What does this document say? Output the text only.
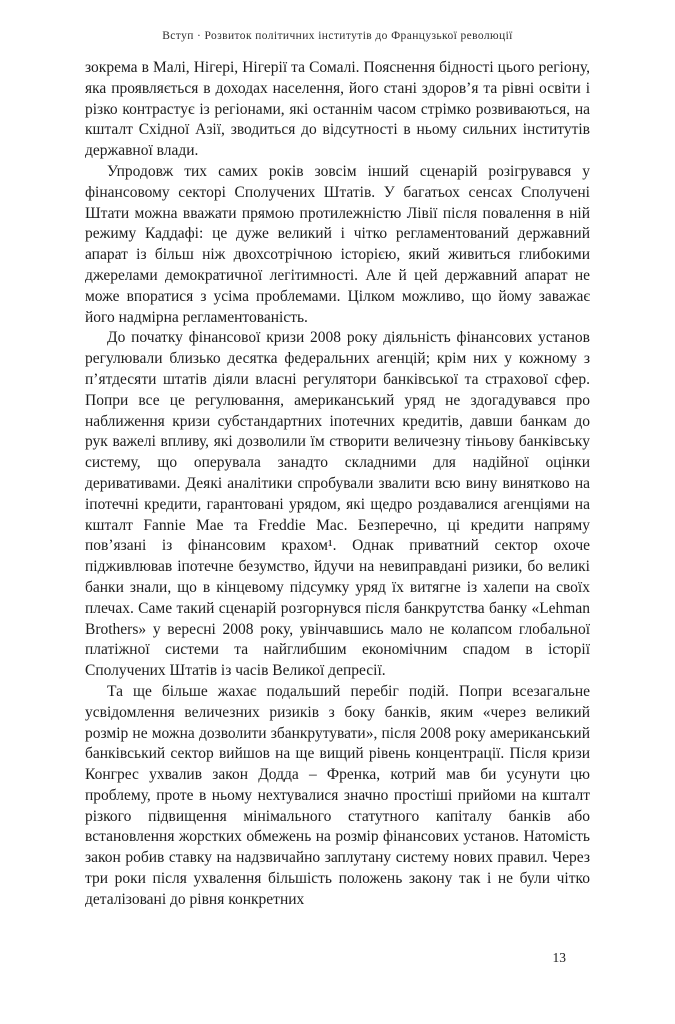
Вступ · Розвиток політичних інститутів до Французької революції

зокрема в Малі, Нігері, Нігерії та Сомалі. Пояснення бідності цього регіону, яка проявляється в доходах населення, його стані здоров’я та рівні освіти і різко контрастує із регіонами, які останнім часом стрімко розвиваються, на кшталт Східної Азії, зводиться до відсутності в ньому сильних інститутів державної влади.

Упродовж тих самих років зовсім інший сценарій розігрувався у фінансовому секторі Сполучених Штатів. У багатьох сенсах Сполучені Штати можна вважати прямою протилежністю Лівії після повалення в ній режиму Каддафі: це дуже великий і чітко регламентований державний апарат із більш ніж двохсотрічною історією, який живиться глибокими джерелами демократичної легітимності. Але й цей державний апарат не може впоратися з усіма проблемами. Цілком можливо, що йому заважає його надмірна регламентованість.

До початку фінансової кризи 2008 року діяльність фінансових установ регулювали близько десятка федеральних агенцій; крім них у кожному з п’ятдесяти штатів діяли власні регулятори банківської та страхової сфер. Попри все це регулювання, американський уряд не здогадувався про наближення кризи субстандартних іпотечних кредитів, давши банкам до рук важелі впливу, які дозволили їм створити величезну тіньову банківську систему, що оперувала занадто складними для надійної оцінки деривативами. Деякі аналітики спробували звалити всю вину винятково на іпотечні кредити, гарантовані урядом, які щедро роздавалися агенціями на кшталт Fannie Mae та Freddie Mac. Безперечно, ці кредити напряму пов’язані із фінансовим крахом¹. Однак приватний сектор охоче підживлював іпотечне безумство, йдучи на невиправдані ризики, бо великі банки знали, що в кінцевому підсумку уряд їх витягне із халепи на своїх плечах. Саме такий сценарій розгорнувся після банкрутства банку «Lehman Brothers» у вересні 2008 року, увінчавшись мало не колапсом глобальної платіжної системи та найглибшим економічним спадом в історії Сполучених Штатів із часів Великої депресії.

Та ще більше жахає подальший перебіг подій. Попри всезагальне усвідомлення величезних ризиків з боку банків, яким «через великий розмір не можна дозволити збанкрутувати», після 2008 року американський банківський сектор вийшов на ще вищий рівень концентрації. Після кризи Конгрес ухвалив закон Додда – Френка, котрий мав би усунути цю проблему, проте в ньому нехтувалися значно простіші прийоми на кшталт різкого підвищення мінімального статутного капіталу банків або встановлення жорстких обмежень на розмір фінансових установ. Натомість закон робив ставку на надзвичайно заплутану систему нових правил. Через три роки після ухвалення більшість положень закону так і не були чітко деталізовані до рівня конкретних

13
